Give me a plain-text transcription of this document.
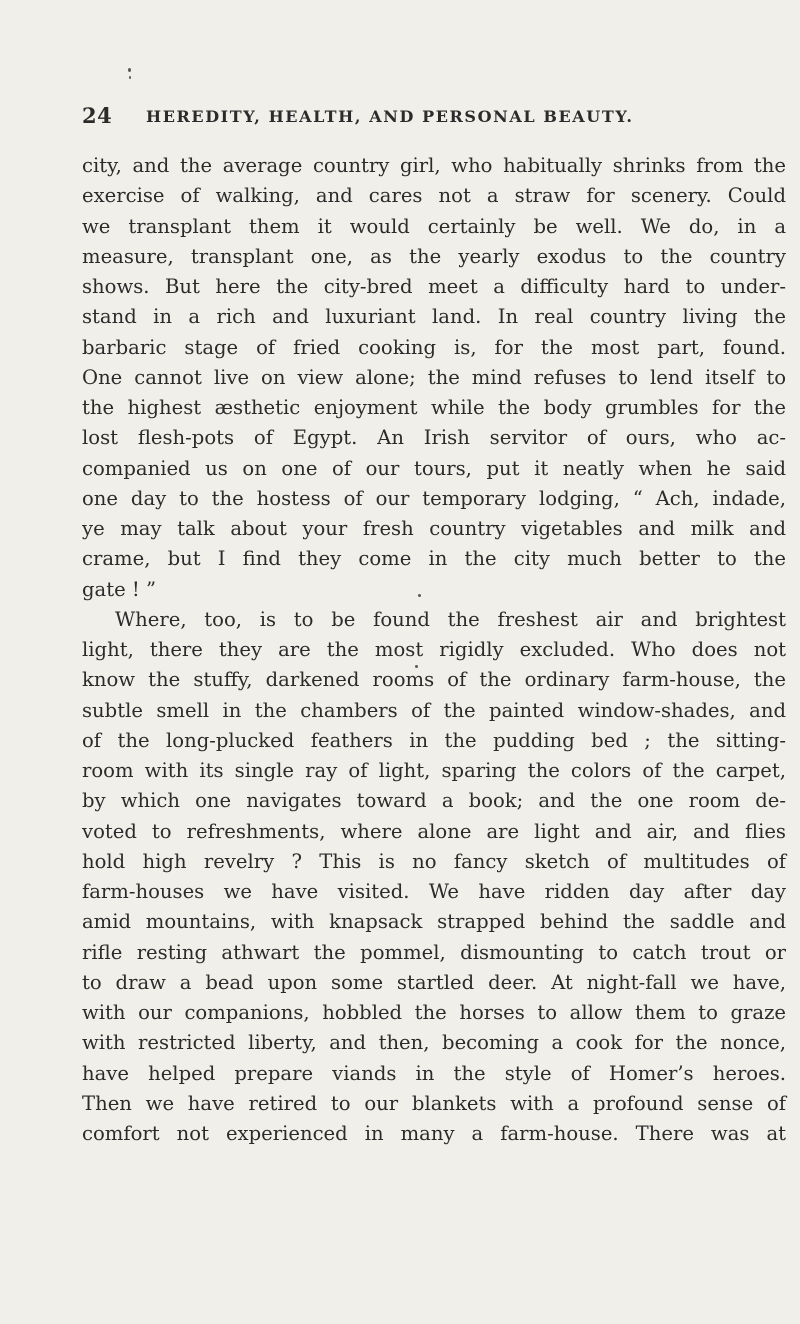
24 HEREDITY, HEALTH, AND PERSONAL BEAUTY.
city, and the average country girl, who habitually shrinks from the
exercise of walking, and cares not a straw for scenery. Could
we transplant them it would certainly be well. We do, in a
measure, transplant one, as the yearly exodus to the country
shows. But here the city-bred meet a difficulty hard to under-
stand in a rich and luxuriant land. In real country living the
barbaric stage of fried cooking is, for the most part, found.
One cannot live on view alone; the mind refuses to lend itself to
the highest æsthetic enjoyment while the body grumbles for the
lost flesh-pots of Egypt. An Irish servitor of ours, who ac-
companied us on one of our tours, put it neatly when he said
one day to the hostess of our temporary lodging, “ Ach, indade,
ye may talk about your fresh country vigetables and milk and
crame, but I find they come in the city much better to the
gate ! ”
Where, too, is to be found the freshest air and brightest
light, there they are the most rigidly excluded. Who does not
know the stuffy, darkened rooms of the ordinary farm-house, the
subtle smell in the chambers of the painted window-shades, and
of the long-plucked feathers in the pudding bed ; the sitting-
room with its single ray of light, sparing the colors of the carpet,
by which one navigates toward a book; and the one room de-
voted to refreshments, where alone are light and air, and flies
hold high revelry ? This is no fancy sketch of multitudes of
farm-houses we have visited. We have ridden day after day
amid mountains, with knapsack strapped behind the saddle and
rifle resting athwart the pommel, dismounting to catch trout or
to draw a bead upon some startled deer. At night-fall we have,
with our companions, hobbled the horses to allow them to graze
with restricted liberty, and then, becoming a cook for the nonce,
have helped prepare viands in the style of Homer’s heroes.
Then we have retired to our blankets with a profound sense of
comfort not experienced in many a farm-house. There was at
